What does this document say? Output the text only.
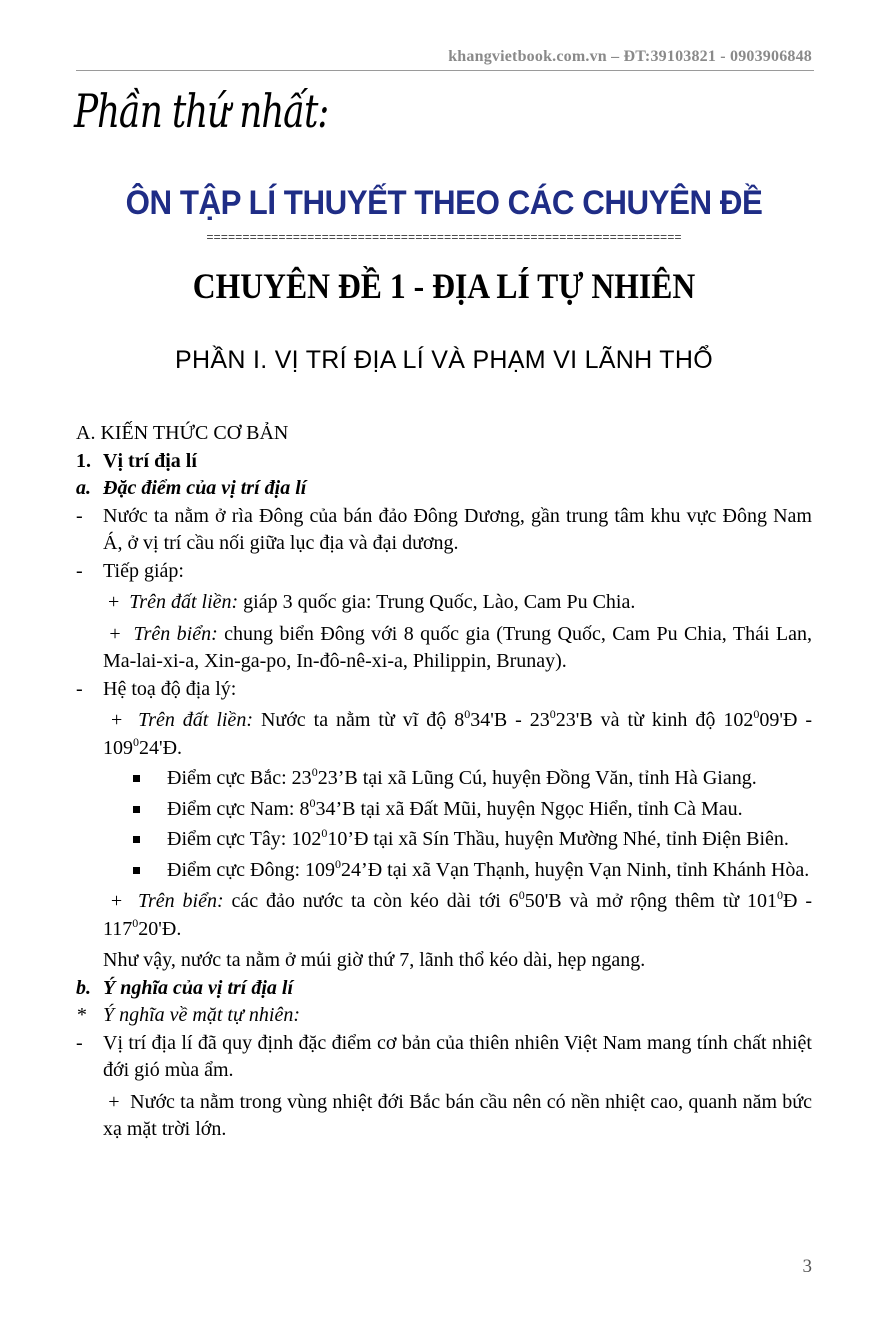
khangvietbook.com.vn – ĐT:39103821 - 0903906848
Phần thứ nhất:
ÔN TẬP LÍ THUYẾT THEO CÁC CHUYÊN ĐỀ
==================================================================
CHUYÊN ĐỀ 1 - ĐỊA LÍ TỰ NHIÊN
PHẦN I. VỊ TRÍ ĐỊA LÍ VÀ PHẠM VI LÃNH THỔ
A. KIẾN THỨC CƠ BẢN
1. Vị trí địa lí
a. Đặc điểm của vị trí địa lí
-	Nước ta nằm ở rìa Đông của bán đảo Đông Dương, gần trung tâm khu vực Đông Nam Á, ở vị trí cầu nối giữa lục địa và đại dương.
-	Tiếp giáp:
+ Trên đất liền: giáp 3 quốc gia: Trung Quốc, Lào, Cam Pu Chia.
+ Trên biển: chung biển Đông với 8 quốc gia (Trung Quốc, Cam Pu Chia, Thái Lan, Ma-lai-xi-a, Xin-ga-po, In-đô-nê-xi-a, Philippin, Brunay).
-	Hệ toạ độ địa lý:
+ Trên đất liền: Nước ta nằm từ vĩ độ $8^034'B - 23^023'B$ và từ kinh độ $102^009'Đ$ - $109^024'Đ$.
Điểm cực Bắc: $23^023’B$ tại xã Lũng Cú, huyện Đồng Văn, tỉnh Hà Giang.
Điểm cực Nam: $8^034’B$ tại xã Đất Mũi, huyện Ngọc Hiển, tỉnh Cà Mau.
Điểm cực Tây: $102^010’Đ$ tại xã Sín Thầu, huyện Mường Nhé, tỉnh Điện Biên.
Điểm cực Đông: $109^024’Đ$ tại xã Vạn Thạnh, huyện Vạn Ninh, tỉnh Khánh Hòa.
+ Trên biển: các đảo nước ta còn kéo dài tới $6^050'B$ và mở rộng thêm từ $101^0Đ$ - $117^020'Đ$.
Như vậy, nước ta nằm ở múi giờ thứ 7, lãnh thổ kéo dài, hẹp ngang.
b. Ý nghĩa của vị trí địa lí
* Ý nghĩa về mặt tự nhiên:
-	Vị trí địa lí đã quy định đặc điểm cơ bản của thiên nhiên Việt Nam mang tính chất nhiệt đới gió mùa ẩm.
+ Nước ta nằm trong vùng nhiệt đới Bắc bán cầu nên có nền nhiệt cao, quanh năm bức xạ mặt trời lớn.
3
